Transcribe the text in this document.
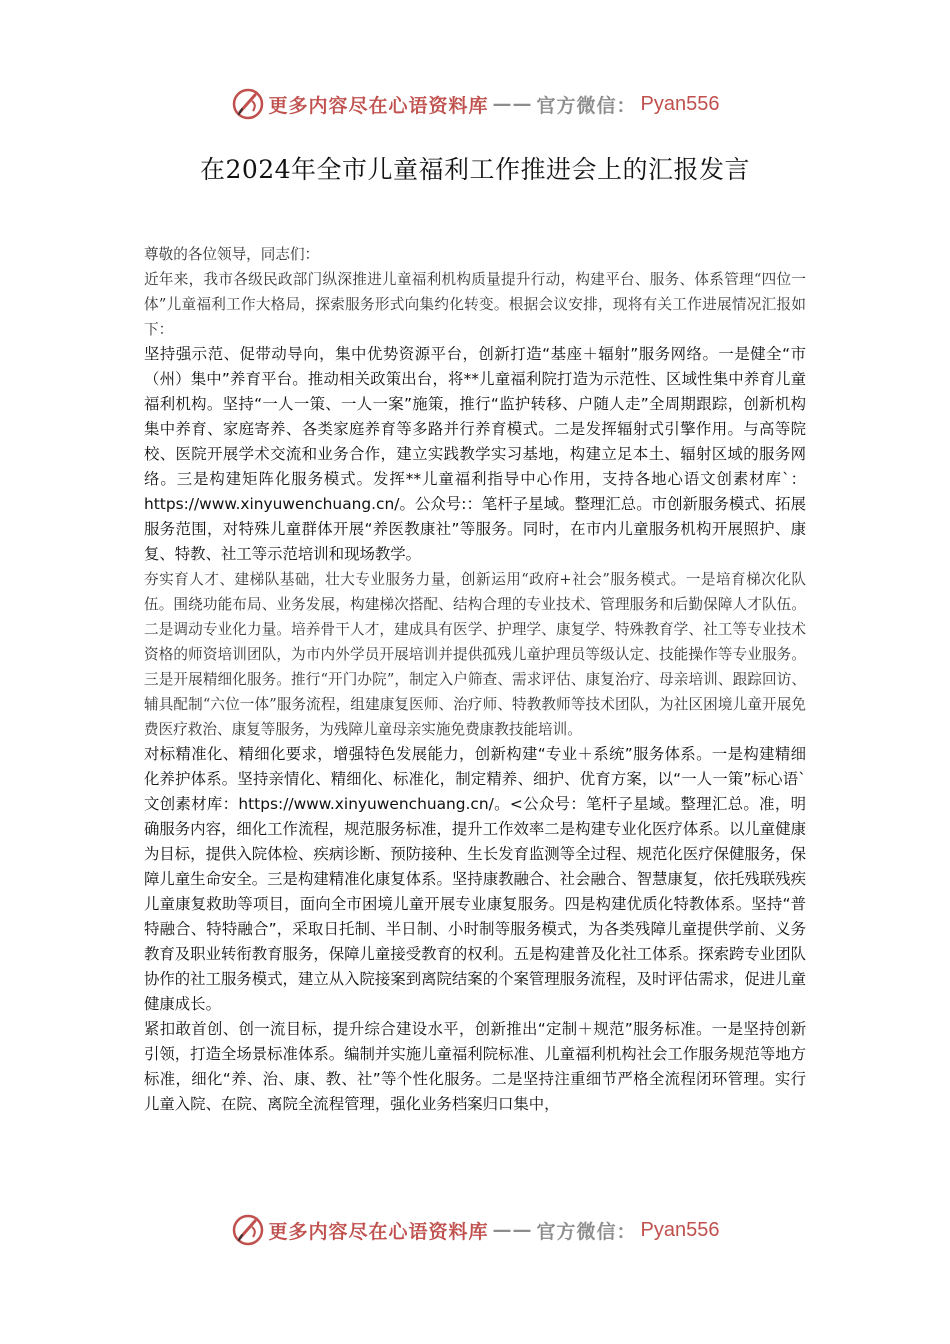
更多内容尽在心语资料库 —— 官方微信： Pyan556
在2024年全市儿童福利工作推进会上的汇报发言

尊敬的各位领导，同志们：

近年来，我市各级民政部门纵深推进儿童福利机构质量提升行动，构建平台、服务、体系管理“四位一体”儿童福利工作大格局，探索服务形式向集约化转变。根据会议安排，现将有关工作进展情况汇报如下：

坚持强示范、促带动导向，集中优势资源平台，创新打造“基座＋辐射”服务网络。一是健全“市（州）集中”养育平台。推动相关政策出台，将**儿童福利院打造为示范性、区域性集中养育儿童福利机构。坚持“一人一策、一人一案”施策，推行“监护转移、户随人走”全周期跟踪，创新机构集中养育、家庭寄养、各类家庭养育等多路并行养育模式。二是发挥辐射式引擎作用。与高等院校、医院开展学术交流和业务合作，建立实践教学实习基地，构建立足本土、辐射区域的服务网络。三是构建矩阵化服务模式。发挥**儿童福利指导中心作用，支持各地心语文创素材库`：https://www.xinyuwenchuang.cn/。公众号:：笔杆子星域。整理汇总。市创新服务模式、拓展服务范围，对特殊儿童群体开展“养医教康社”等服务。同时，在市内儿童服务机构开展照护、康复、特教、社工等示范培训和现场教学。

夯实育人才、建梯队基础，壮大专业服务力量，创新运用“政府+社会”服务模式。一是培育梯次化队伍。围绕功能布局、业务发展，构建梯次搭配、结构合理的专业技术、管理服务和后勤保障人才队伍。二是调动专业化力量。培养骨干人才，建成具有医学、护理学、康复学、特殊教育学、社工等专业技术资格的师资培训团队，为市内外学员开展培训并提供孤残儿童护理员等级认定、技能操作等专业服务。三是开展精细化服务。推行“开门办院”，制定入户筛查、需求评估、康复治疗、母亲培训、跟踪回访、辅具配制“六位一体”服务流程，组建康复医师、治疗师、特教教师等技术团队，为社区困境儿童开展免费医疗救治、康复等服务，为残障儿童母亲实施免费康教技能培训。

对标精准化、精细化要求，增强特色发展能力，创新构建“专业＋系统”服务体系。一是构建精细化养护体系。坚持亲情化、精细化、标准化，制定精养、细护、优育方案，以“一人一策”标心语`文创素材库：https://www.xinyuwenchuang.cn/。<公众号：笔杆子星域。整理汇总。准，明确服务内容，细化工作流程，规范服务标准，提升工作效率二是构建专业化医疗体系。以儿童健康为目标，提供入院体检、疾病诊断、预防接种、生长发育监测等全过程、规范化医疗保健服务，保障儿童生命安全。三是构建精准化康复体系。坚持康教融合、社会融合、智慧康复，依托残联残疾儿童康复救助等项目，面向全市困境儿童开展专业康复服务。四是构建优质化特教体系。坚持“普特融合、特特融合”，采取日托制、半日制、小时制等服务模式，为各类残障儿童提供学前、义务教育及职业转衔教育服务，保障儿童接受教育的权利。五是构建普及化社工体系。探索跨专业团队协作的社工服务模式，建立从入院接案到离院结案的个案管理服务流程，及时评估需求，促进儿童健康成长。

紧扣敢首创、创一流目标，提升综合建设水平，创新推出“定制＋规范”服务标准。一是坚持创新引领，打造全场景标准体系。编制并实施儿童福利院标准、儿童福利机构社会工作服务规范等地方标准，细化“养、治、康、教、社”等个性化服务。二是坚持注重细节严格全流程闭环管理。实行儿童入院、在院、离院全流程管理，强化业务档案归口集中，

更多内容尽在心语资料库 —— 官方微信： Pyan556
